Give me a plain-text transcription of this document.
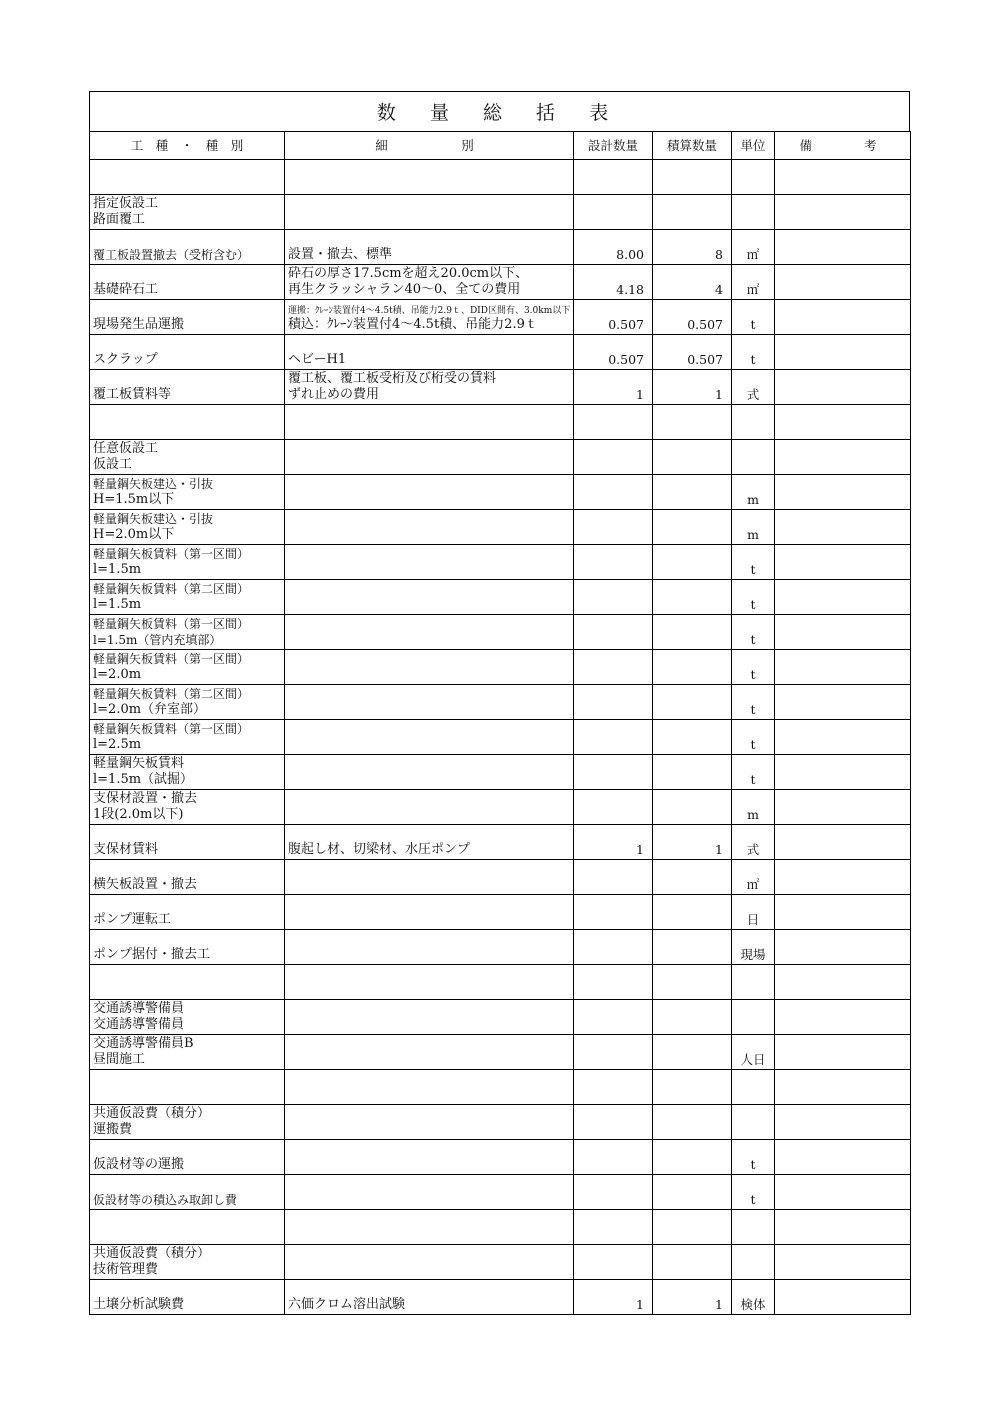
数 量 総 括 表
工　種　・　種　別	細　　　別	設計数量	積算数量	単位	備　　考

指定仮設工
路面覆工					

覆工板設置撤去（受桁含む）	設置・撤去、標準	8.00	8	㎡	

基礎砕石工	砕石の厚さ17.5cmを超え20.0cm以下、
再生クラッシャラン40～0、全ての費用	4.18	4	㎡	

現場発生品運搬	運搬：ｸﾚｰﾝ装置付4～4.5t積、吊能力2.9ｔ、DID区間有、3.0km以下
積込：ｸﾚｰﾝ装置付4～4.5t積、吊能力2.9ｔ	0.507	0.507	t	

スクラップ	ヘビーH1	0.507	0.507	t	

覆工板賃料等	覆工板、覆工板受桁及び桁受の賃料
ずれ止めの費用	1	1	式	

任意仮設工
仮設工					

軽量鋼矢板建込・引抜
H=1.5m以下				m	

軽量鋼矢板建込・引抜
H=2.0m以下				m	

軽量鋼矢板賃料（第一区間）
l=1.5m				t	

軽量鋼矢板賃料（第二区間）
l=1.5m				t	

軽量鋼矢板賃料（第一区間）
l=1.5m（管内充填部）				t	

軽量鋼矢板賃料（第一区間）
l=2.0m				t	

軽量鋼矢板賃料（第二区間）
l=2.0m（弁室部）				t	

軽量鋼矢板賃料（第一区間）
l=2.5m				t	

軽量鋼矢板賃料
l=1.5m（試掘）				t	

支保材設置・撤去
1段(2.0m以下)				m	

支保材賃料	腹起し材、切梁材、水圧ポンプ	1	1	式	

横矢板設置・撤去				㎡	

ポンプ運転工				日	

ポンプ据付・撤去工				現場	

交通誘導警備員
交通誘導警備員					

交通誘導警備員B
昼間施工				人日	

共通仮設費（積分）
運搬費					

仮設材等の運搬				t	

仮設材等の積込み取卸し費				t	

共通仮設費（積分）
技術管理費					

土壌分析試験費	六価クロム溶出試験	1	1	検体	
